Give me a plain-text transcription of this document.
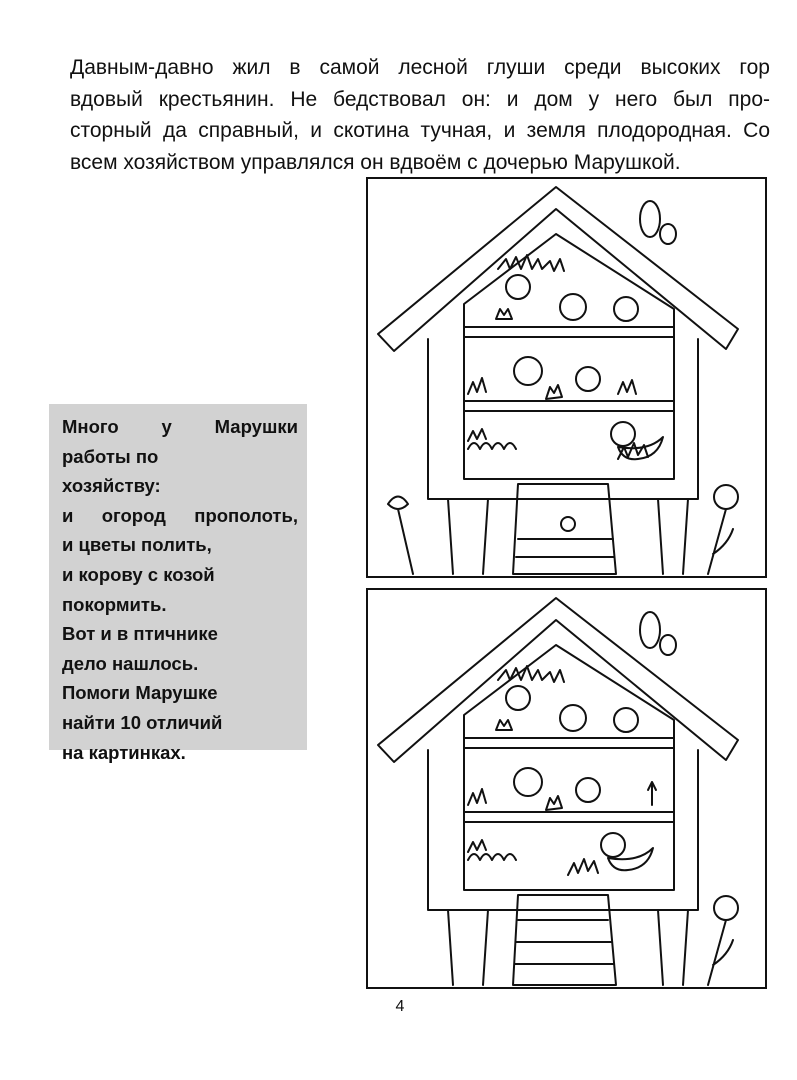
Давным-давно жил в самой лесной глуши среди высоких гор
вдовый крестьянин. Не бедствовал он: и дом у него был про-
сторный да справный, и скотина тучная, и земля плодородная. Со
всем хозяйством управлялся он вдвоём с дочерью Марушкой.
Много у Марушки
работы по
хозяйству:
и огород прополоть,
и цветы полить,
и корову с козой
покормить.
Вот и в птичнике
дело нашлось.
Помоги Марушке
найти 10 отличий
на картинках.
4
